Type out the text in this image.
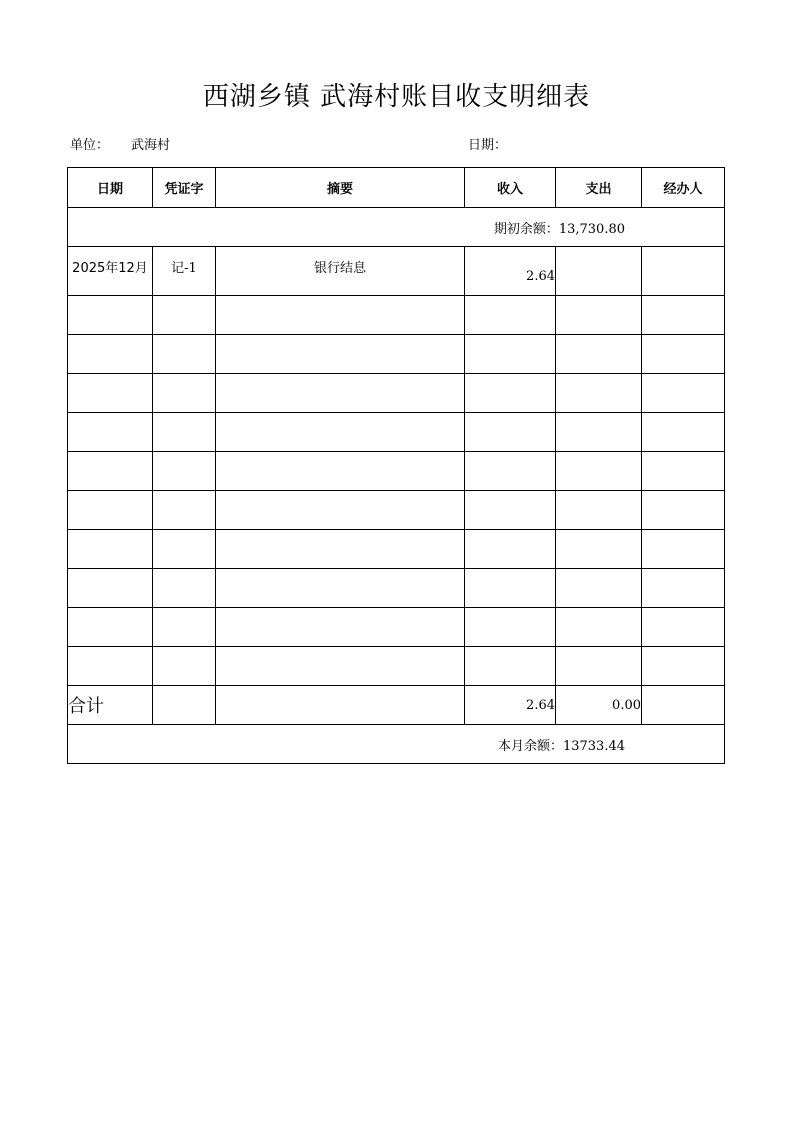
西湖乡镇 武海村账目收支明细表
单位： 武海村	日期：
日期	凭证字	摘要	收入	支出	经办人

期初余额：13,730.80					

2025年12月	记-1	银行结息	2.64		

合计			2.64	0.00	

本月余额：13733.44					
